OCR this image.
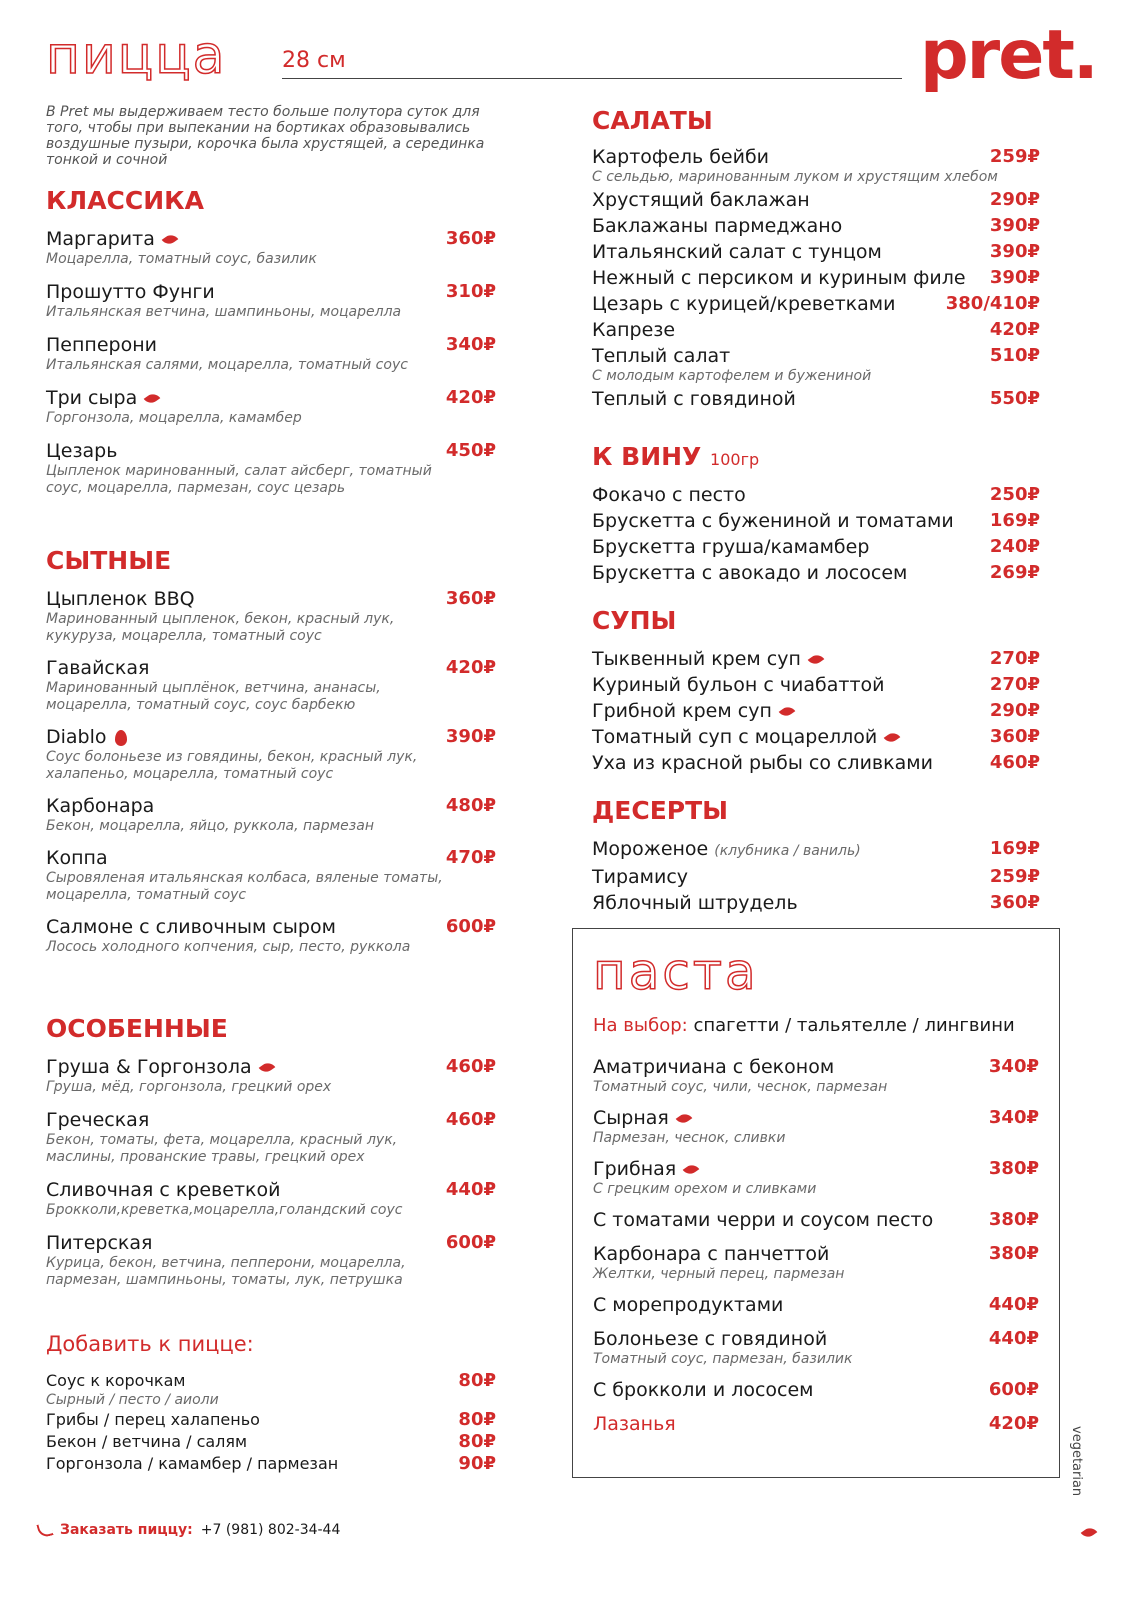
пицца	28 см	pret.
В Pret мы выдерживаем тесто больше полутора суток для того, чтобы при выпекании на бортиках образовывались воздушные пузыри, корочка была хрустящей, а серединка тонкой и сочной
КЛАССИКА
Маргарита	360₽
Моцарелла, томатный соус, базилик
Прошутто Фунги	310₽
Итальянская ветчина, шампиньоны, моцарелла
Пепперони	340₽
Итальянская салями, моцарелла, томатный соус
Три сыра	420₽
Горгонзола, моцарелла, камамбер
Цезарь	450₽
Цыпленок маринованный, салат айсберг, томатный соус, моцарелла, пармезан, соус цезарь
СЫТНЫЕ
Цыпленок BBQ	360₽
Маринованный цыпленок, бекон, красный лук, кукуруза, моцарелла, томатный соус
Гавайская	420₽
Маринованный цыплёнок, ветчина, ананасы, моцарелла, томатный соус, соус барбекю
Diablo	390₽
Соус болоньезе из говядины, бекон, красный лук, халапеньо, моцарелла, томатный соус
Карбонара	480₽
Бекон, моцарелла, яйцо, руккола, пармезан
Коппа	470₽
Сыровяленая итальянская колбаса, вяленые томаты, моцарелла, томатный соус
Салмоне с сливочным сыром	600₽
Лосось холодного копчения, сыр, песто, руккола
ОСОБЕННЫЕ
Груша & Горгонзола	460₽
Груша, мёд, горгонзола, грецкий орех
Греческая	460₽
Бекон, томаты, фета, моцарелла, красный лук, маслины, прованские травы, грецкий орех
Сливочная с креветкой	440₽
Брокколи,креветка,моцарелла,голандский соус
Питерская	600₽
Курица, бекон, ветчина, пепперони, моцарелла, пармезан, шампиньоны, томаты, лук, петрушка
Добавить к пицце:
Соус к корочкам	80₽
Сырный / песто / аиоли
Грибы / перец халапеньо	80₽
Бекон / ветчина / салям	80₽
Горгонзола / камамбер / пармезан	90₽
САЛАТЫ
Картофель бейби	259₽
С сельдью, маринованным луком и хрустящим хлебом
Хрустящий баклажан	290₽
Баклажаны пармеджано	390₽
Итальянский салат с тунцом	390₽
Нежный с персиком и куриным филе	390₽
Цезарь с курицей/креветками	380/410₽
Капрезе	420₽
Теплый салат	510₽
С молодым картофелем и бужениной
Теплый с говядиной	550₽
К ВИНУ 100гр
Фокачо с песто	250₽
Брускетта с бужениной и томатами	169₽
Брускетта груша/камамбер	240₽
Брускетта с авокадо и лососем	269₽
СУПЫ
Тыквенный крем суп	270₽
Куриный бульон с чиабаттой	270₽
Грибной крем суп	290₽
Томатный суп с моцареллой	360₽
Уха из красной рыбы со сливками	460₽
ДЕСЕРТЫ
Мороженое (клубника / ваниль)	169₽
Тирамису	259₽
Яблочный штрудель	360₽
паста
На выбор: спагетти / тальятелле / лингвини
Аматричиана с беконом	340₽
Томатный соус, чили, чеснок, пармезан
Сырная	340₽
Пармезан, чеснок, сливки
Грибная	380₽
С грецким орехом и сливками
С томатами черри и соусом песто	380₽
Карбонара с панчеттой	380₽
Желтки, черный перец, пармезан
С морепродуктами	440₽
Болоньезе с говядиной	440₽
Томатный соус, пармезан, базилик
С брокколи и лососем	600₽
Лазанья	420₽
vegetarian
Заказать пиццу: +7 (981) 802-34-44
